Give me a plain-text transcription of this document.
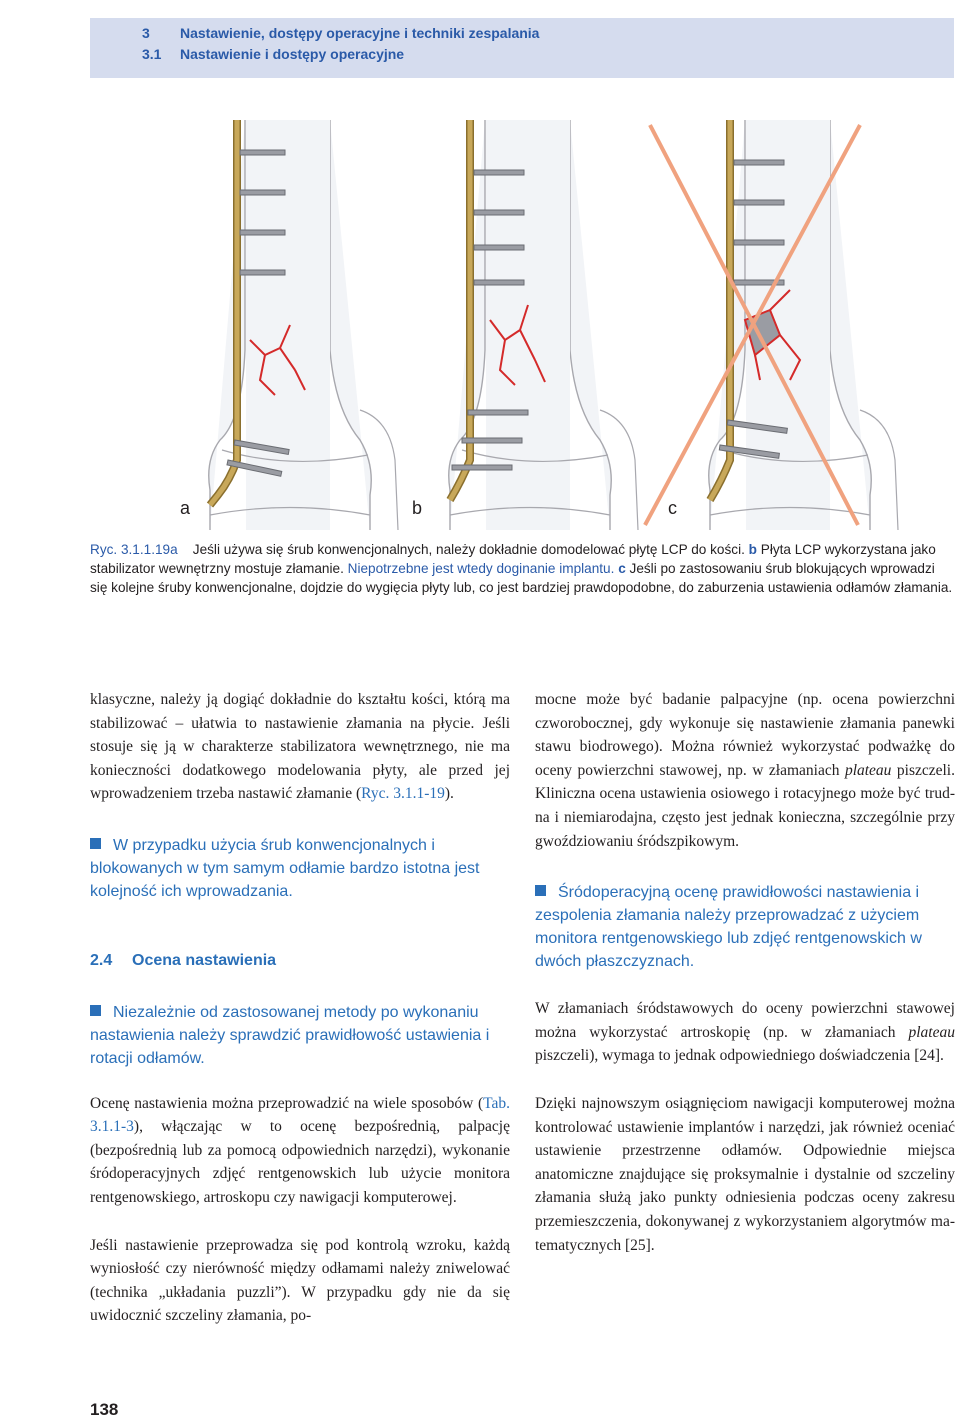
3 Nastawienie, dostępy operacyjne i techniki zespalania
3.1 Nastawienie i dostępy operacyjne
a	b	c
Ryc. 3.1.1.19a Jeśli używa się śrub konwencjonalnych, należy dokładnie domodelować płytę LCP do kości. b Płyta LCP wykorzystana jako stabilizator wewnętrzny mostuje złamanie. Niepotrzebne jest wtedy doginanie implantu. c Jeśli po zastosowaniu śrub blokujących wprowadzi się kolejne śruby konwencjonalne, dojdzie do wygięcia płyty lub, co jest bardziej prawdopodobne, do zaburzenia ustawienia odłamów złamania.

klasyczne, należy ją dogiąć dokładnie do kształtu kości, którą ma stabilizować – ułatwia to nastawienie złamania na płycie. Jeśli stosuje się ją w charakterze stabilizatora wewnętrznego, nie ma konieczności dodatkowego modelowania płyty, ale przed jej wprowadzeniem trzeba nastawić złamanie (Ryc. 3.1.1-19).

W przypadku użycia śrub konwencjonalnych i blokowanych w tym samym odłamie bardzo istotna jest kolejność ich wprowadzania.

2.4 Ocena nastawienia

Niezależnie od zastosowanej metody po wykonaniu nastawienia należy sprawdzić prawidłowość ustawienia i rotacji odłamów.

Ocenę nastawienia można przeprowadzić na wiele sposobów (Tab. 3.1.1-3), włączając w to ocenę bezpośrednią, palpację (bezpośrednią lub za pomocą odpowiednich narzędzi), wykonanie śródoperacyjnych zdjęć rentgenowskich lub użycie monitora rentgenowskiego, artroskopu czy nawigacji komputerowej.

Jeśli nastawienie przeprowadza się pod kontrolą wzroku, każdą wyniosłość czy nierówność między odłamami należy zniwelować (technika „układania puzzli”). W przypadku gdy nie da się uwidocznić szczeliny złamania, po-

mocne może być badanie palpacyjne (np. ocena powierzchni czworobocznej, gdy wykonuje się nastawienie złamania panewki stawu biodrowego). Można również wykorzystać podważkę do oceny powierzchni stawowej, np. w złamaniach plateau piszczeli. Kliniczna ocena ustawienia osiowego i rotacyjnego może być trudna i niemiarodajna, często jest jednak konieczna, szczególnie przy gwoździowaniu śródszpikowym.

Śródoperacyjną ocenę prawidłowości nastawienia i zespolenia złamania należy przeprowadzać z użyciem monitora rentgenowskiego lub zdjęć rentgenowskich w dwóch płaszczyznach.

W złamaniach śródstawowych do oceny powierzchni stawowej można wykorzystać artroskopię (np. w złamaniach plateau piszczeli), wymaga to jednak odpowiedniego doświadczenia [24].

Dzięki najnowszym osiągnięciom nawigacji komputerowej można kontrolować ustawienie implantów i narzędzi, jak również oceniać ustawienie przestrzenne odłamów. Odpowiednie miejsca anatomiczne znajdujące się proksymalnie i dystalnie od szczeliny złamania służą jako punkty odniesienia podczas oceny zakresu przemieszczenia, dokonywanej z wykorzystaniem algorytmów matematycznych [25].

138
